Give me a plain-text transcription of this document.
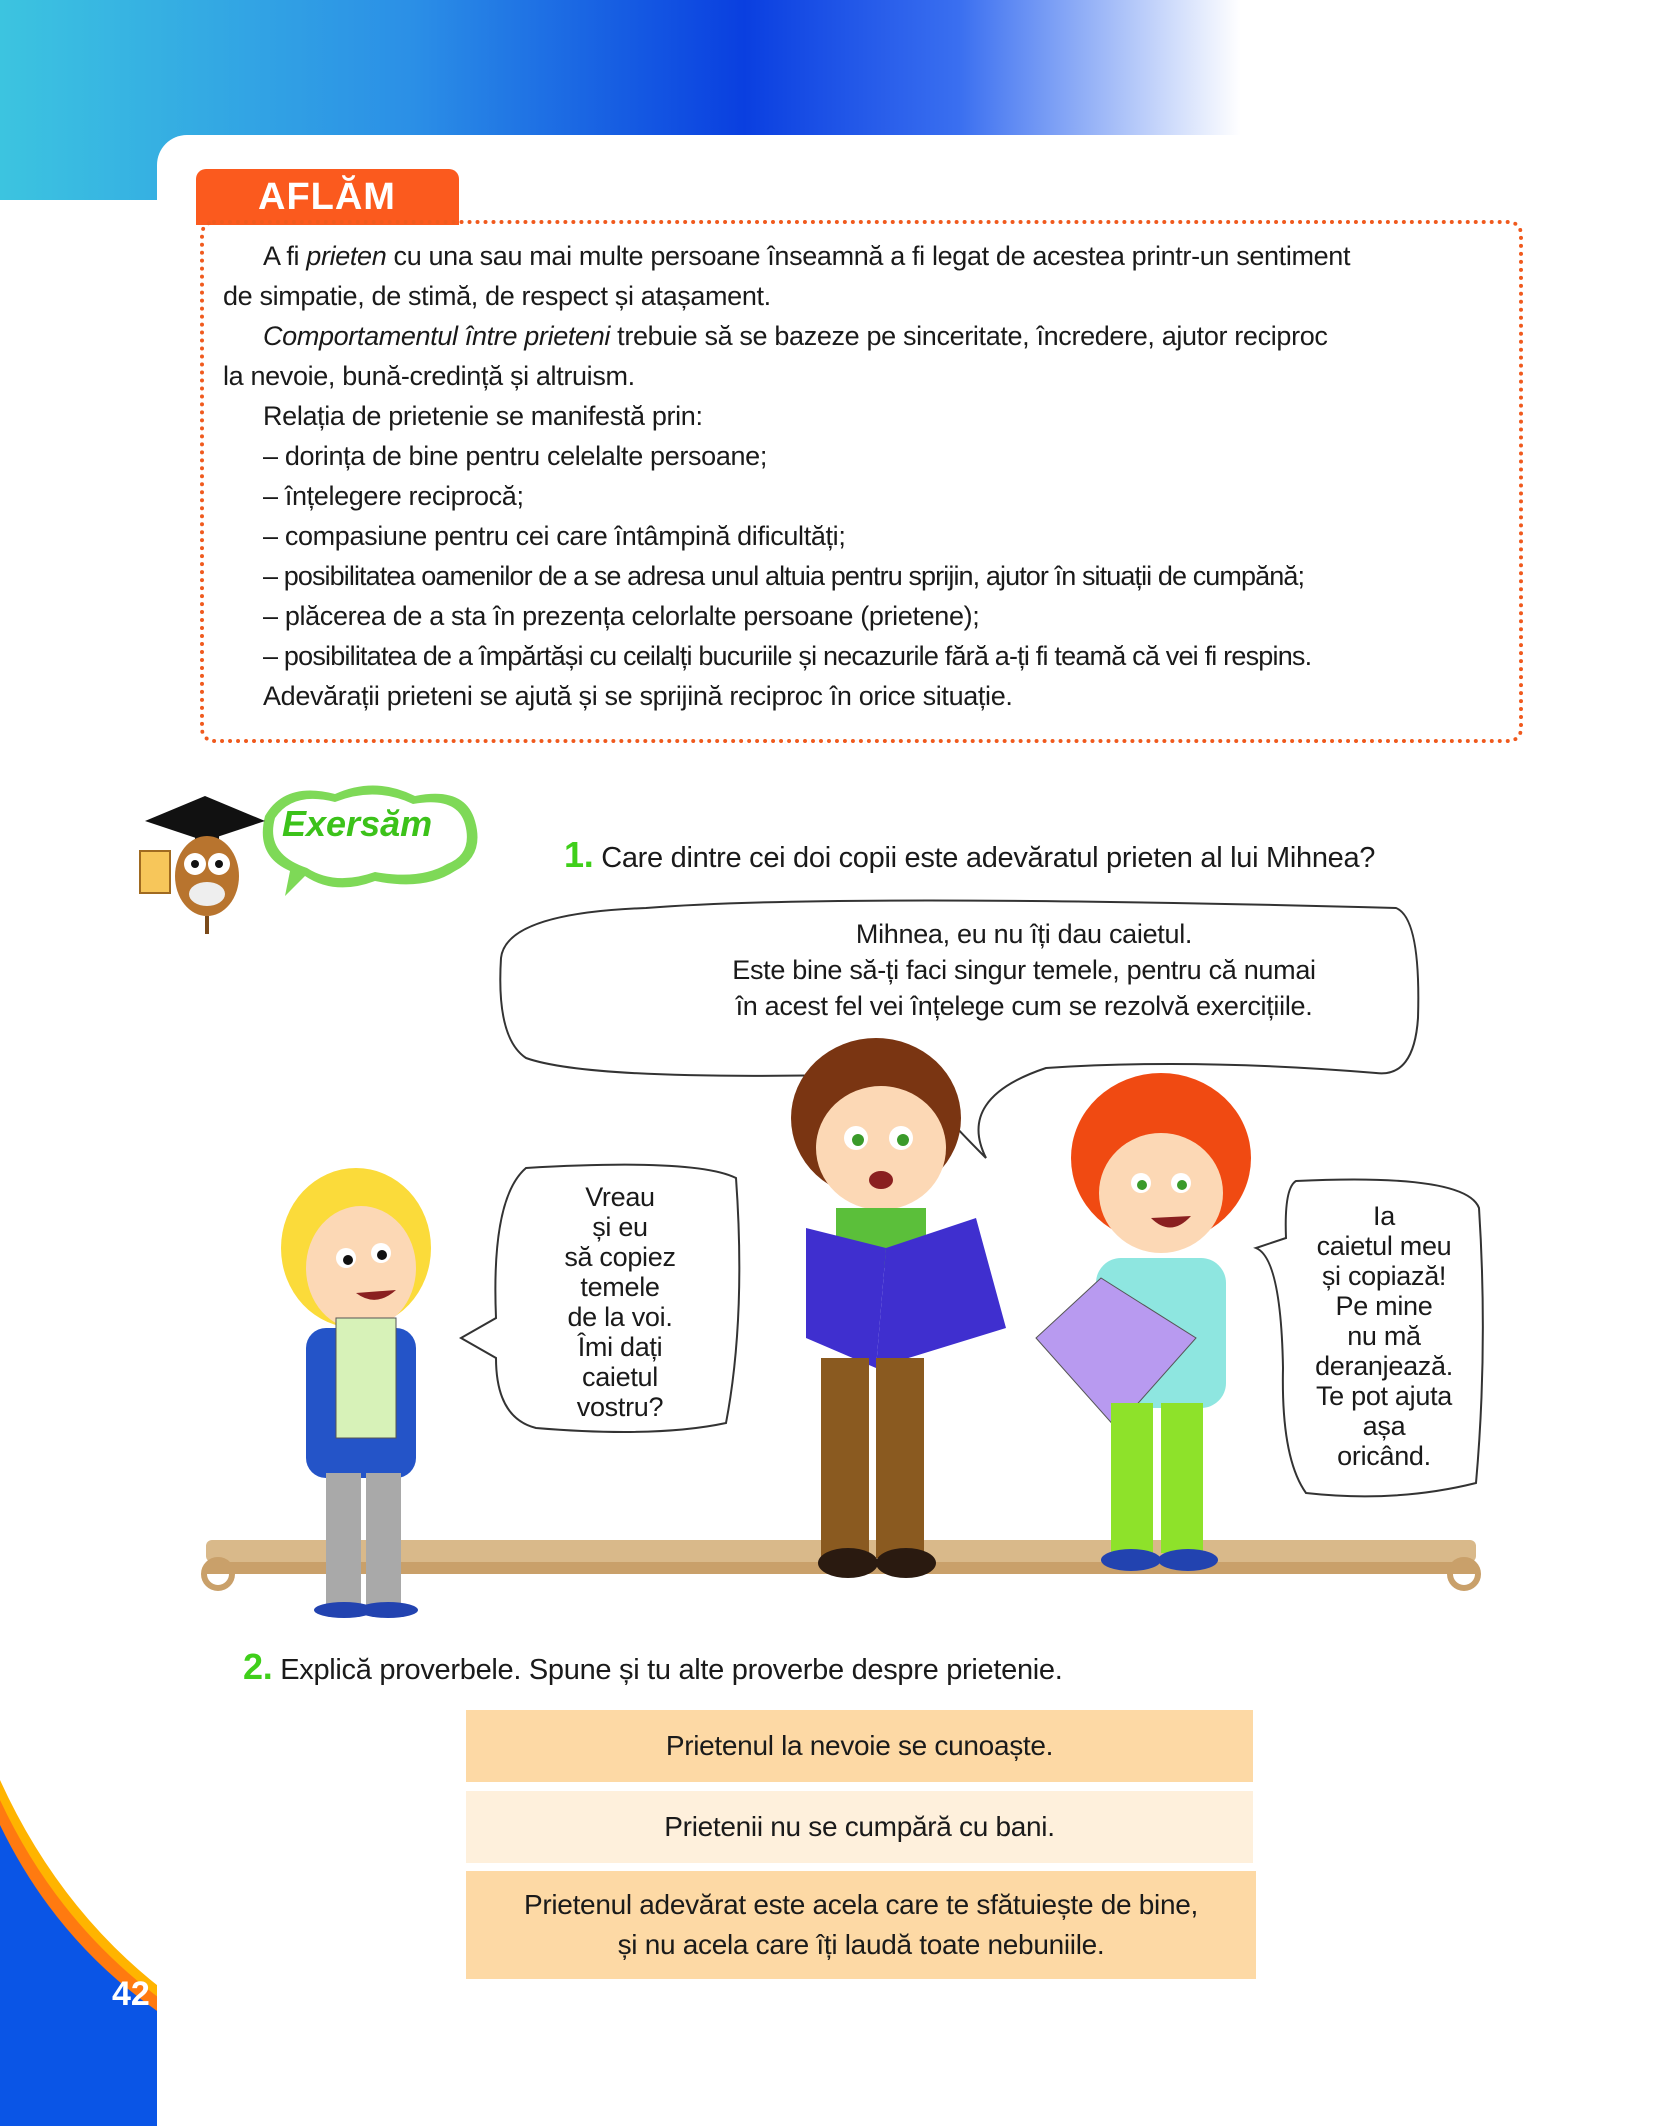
AFLĂM
A fi prieten cu una sau mai multe persoane înseamnă a fi legat de acestea printr-un sentiment
de simpatie, de stimă, de respect și atașament.
Comportamentul între prieteni trebuie să se bazeze pe sinceritate, încredere, ajutor reciproc
la nevoie, bună-credință și altruism.
Relația de prietenie se manifestă prin:
– dorința de bine pentru celelalte persoane;
– înțelegere reciprocă;
– compasiune pentru cei care întâmpină dificultăți;
– posibilitatea oamenilor de a se adresa unul altuia pentru sprijin, ajutor în situații de cumpănă;
– plăcerea de a sta în prezența celorlalte persoane (prietene);
– posibilitatea de a împărtăși cu ceilalți bucuriile și necazurile fără a-ți fi teamă că vei fi respins.
Adevărații prieteni se ajută și se sprijină reciproc în orice situație.
Exersăm
1. Care dintre cei doi copii este adevăratul prieten al lui Mihnea?
Mihnea, eu nu îți dau caietul.
Este bine să-ți faci singur temele, pentru că numai
în acest fel vei înțelege cum se rezolvă exercițiile.
Vreau
și eu
să copiez
temele
de la voi.
Îmi dați
caietul
vostru?
Ia
caietul meu
și copiază!
Pe mine
nu mă
deranjează.
Te pot ajuta
așa
oricând.
2. Explică proverbele. Spune și tu alte proverbe despre prietenie.
Prietenul la nevoie se cunoaște.
Prietenii nu se cumpără cu bani.
Prietenul adevărat este acela care te sfătuiește de bine,
și nu acela care îți laudă toate nebuniile.
42
